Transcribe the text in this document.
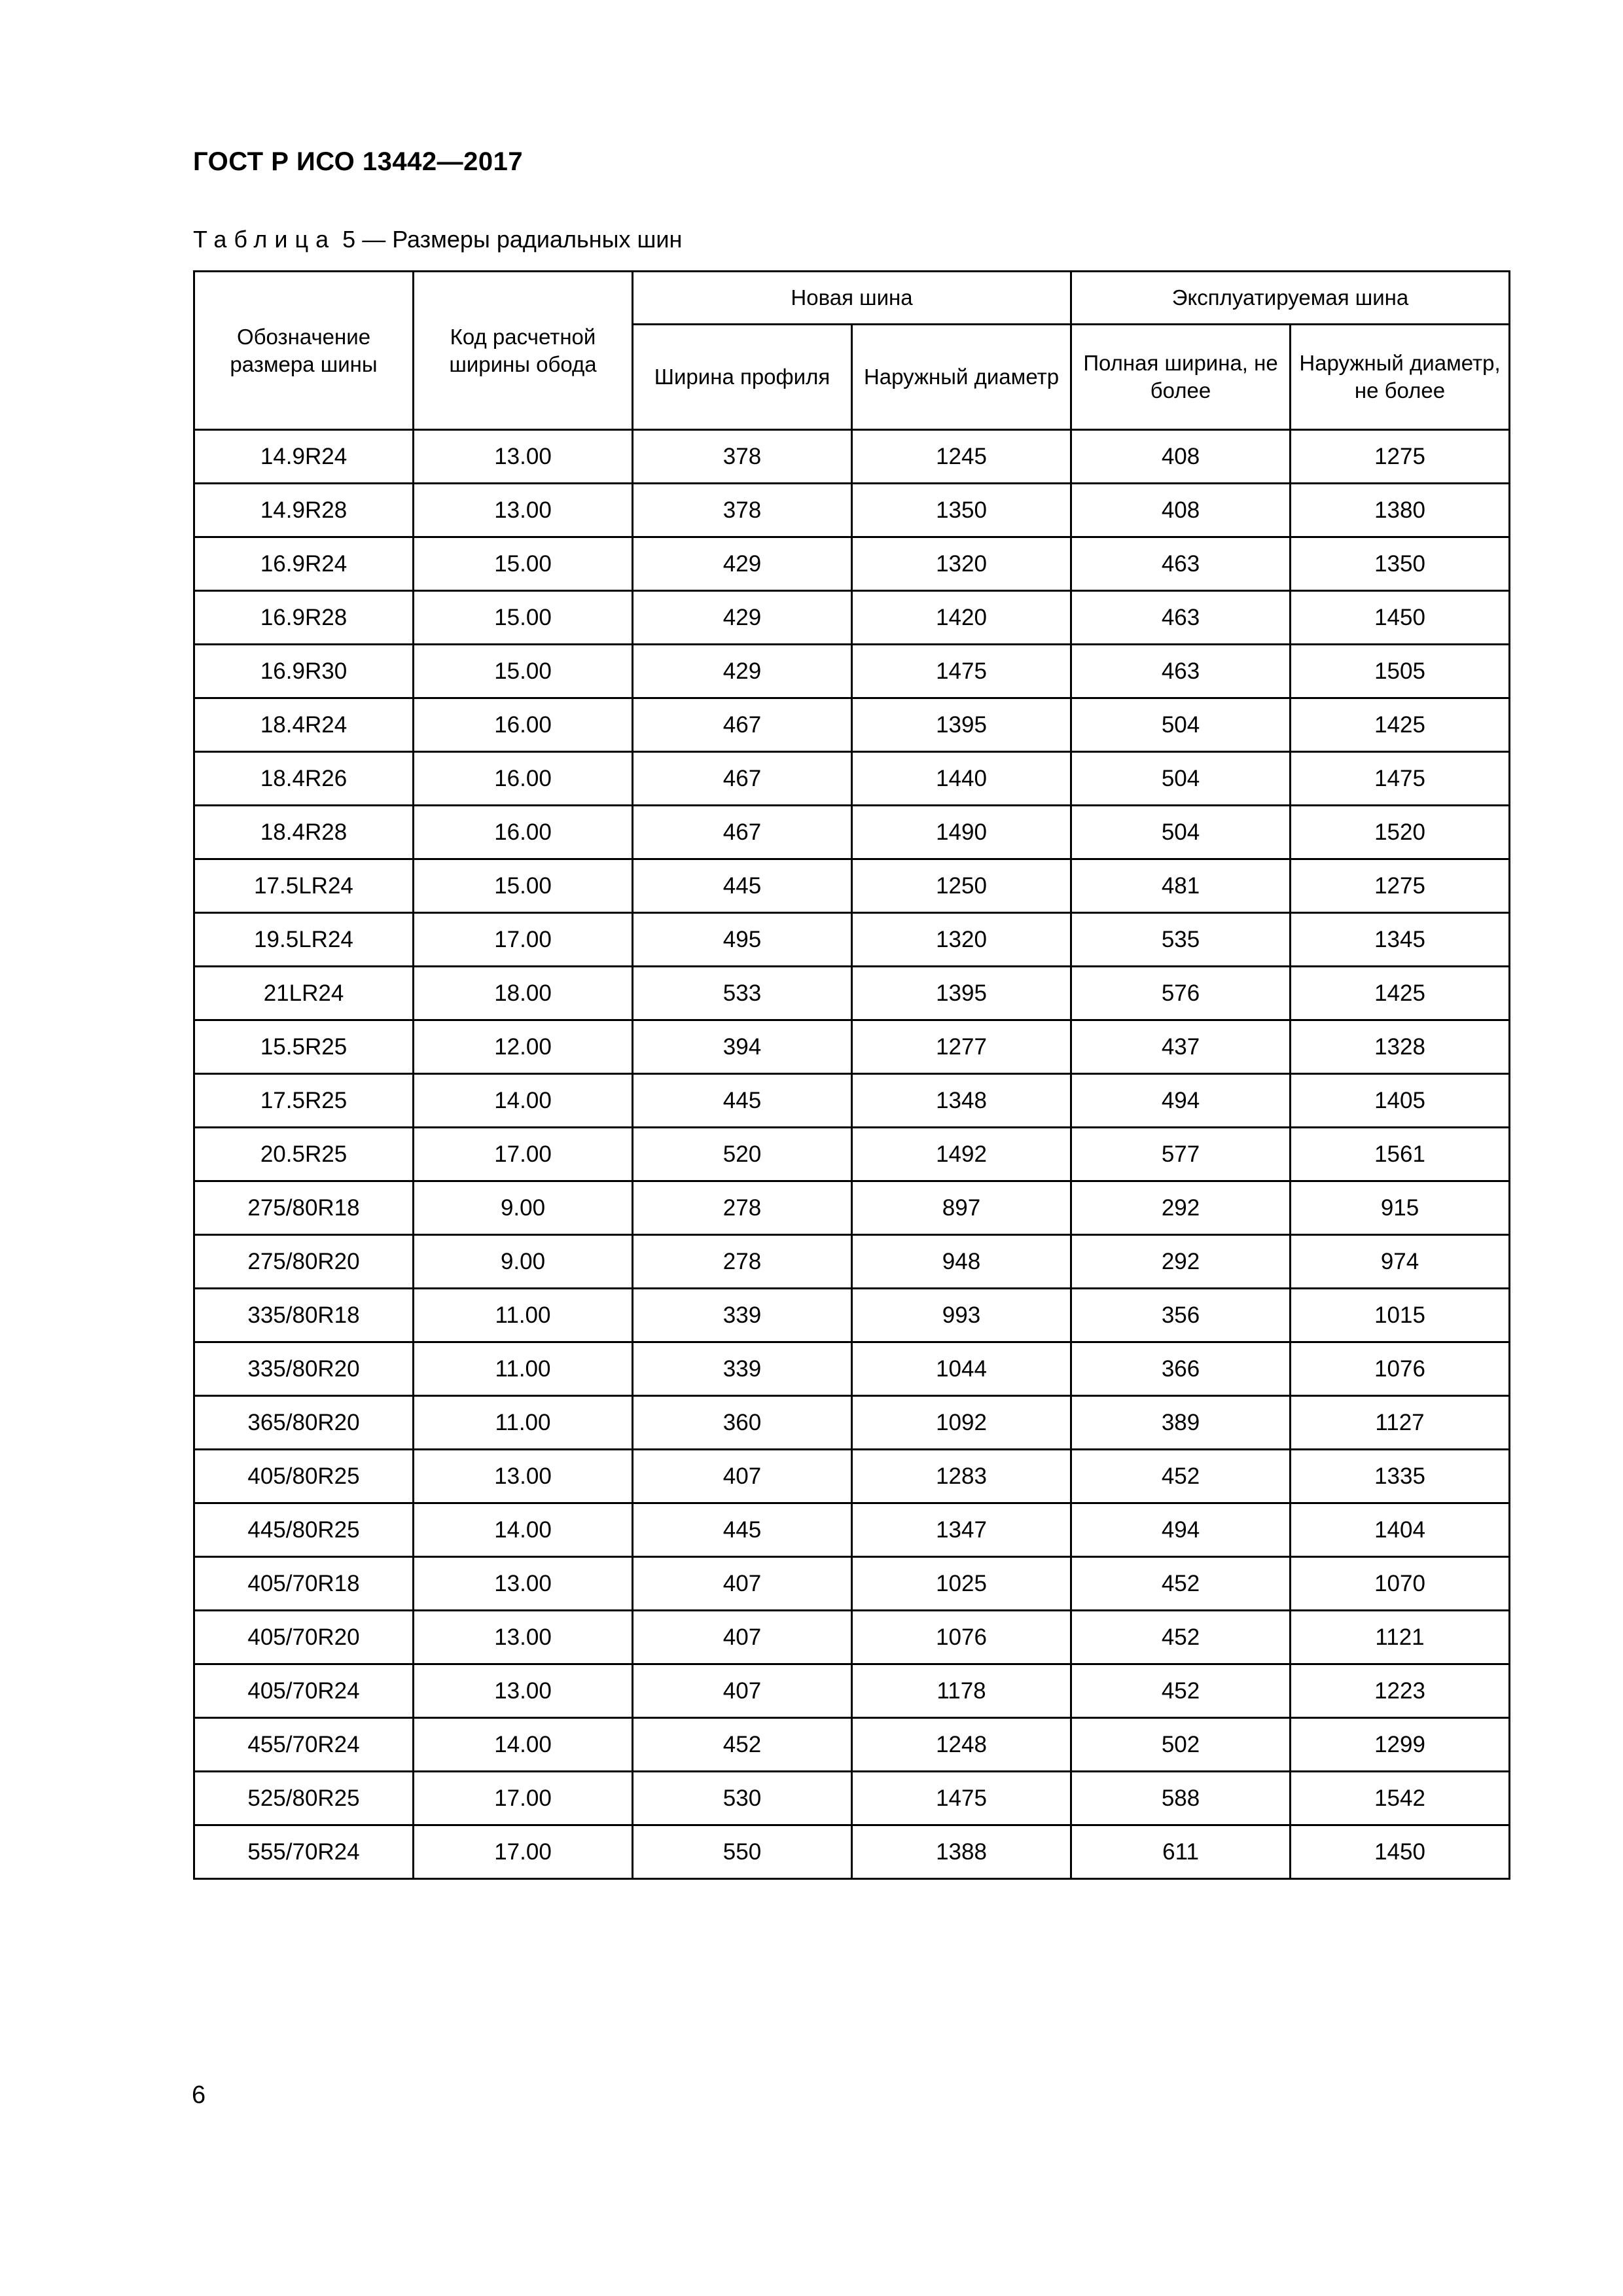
ГОСТ Р ИСО 13442—2017
Таблица 5 — Размеры радиальных шин
Обозначение размера шины	Код расчетной ширины обода	Новая шина		Эксплуатируемая шина	
		Ширина профиля	Наружный диаметр	Полная ширина, не более	Наружный диаметр, не более
14.9R24	13.00	378	1245	408	1275
14.9R28	13.00	378	1350	408	1380
16.9R24	15.00	429	1320	463	1350
16.9R28	15.00	429	1420	463	1450
16.9R30	15.00	429	1475	463	1505
18.4R24	16.00	467	1395	504	1425
18.4R26	16.00	467	1440	504	1475
18.4R28	16.00	467	1490	504	1520
17.5LR24	15.00	445	1250	481	1275
19.5LR24	17.00	495	1320	535	1345
21LR24	18.00	533	1395	576	1425
15.5R25	12.00	394	1277	437	1328
17.5R25	14.00	445	1348	494	1405
20.5R25	17.00	520	1492	577	1561
275/80R18	9.00	278	897	292	915
275/80R20	9.00	278	948	292	974
335/80R18	11.00	339	993	356	1015
335/80R20	11.00	339	1044	366	1076
365/80R20	11.00	360	1092	389	1127
405/80R25	13.00	407	1283	452	1335
445/80R25	14.00	445	1347	494	1404
405/70R18	13.00	407	1025	452	1070
405/70R20	13.00	407	1076	452	1121
405/70R24	13.00	407	1178	452	1223
455/70R24	14.00	452	1248	502	1299
525/80R25	17.00	530	1475	588	1542
555/70R24	17.00	550	1388	611	1450
6
